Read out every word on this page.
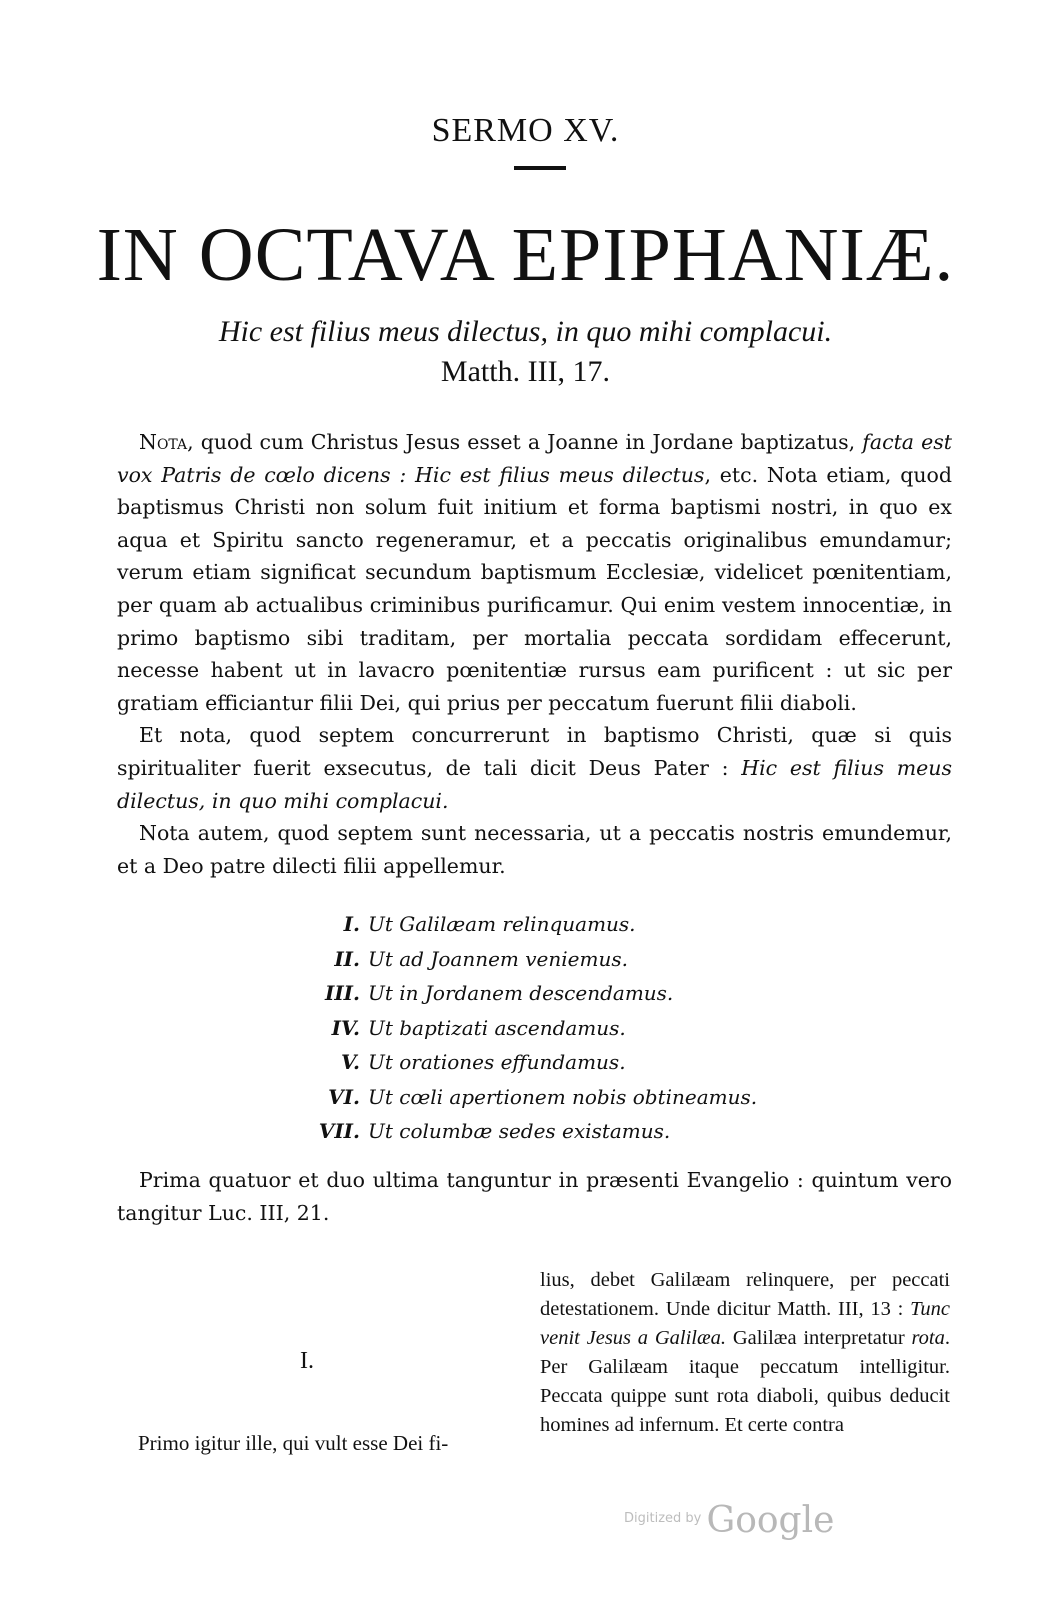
SERMO XV.
IN OCTAVA EPIPHANIÆ.
Hic est filius meus dilectus, in quo mihi complacui.
Matth. III, 17.

Nota, quod cum Christus Jesus esset a Joanne in Jordane baptizatus, facta est vox Patris de cœlo dicens : Hic est filius meus dilectus, etc. Nota etiam, quod baptismus Christi non solum fuit initium et forma baptismi nostri, in quo ex aqua et Spiritu sancto regeneramur, et a peccatis originalibus emundamur; verum etiam significat secundum baptismum Ecclesiæ, videlicet pœnitentiam, per quam ab actualibus criminibus purificamur. Qui enim vestem innocentiæ, in primo baptismo sibi traditam, per mortalia peccata sordidam effecerunt, necesse habent ut in lavacro pœnitentiæ rursus eam purificent : ut sic per gratiam efficiantur filii Dei, qui prius per peccatum fuerunt filii diaboli.

Et nota, quod septem concurrerunt in baptismo Christi, quæ si quis spiritualiter fuerit exsecutus, de tali dicit Deus Pater : Hic est filius meus dilectus, in quo mihi complacui.

Nota autem, quod septem sunt necessaria, ut a peccatis nostris emundemur, et a Deo patre dilecti filii appellemur.

I. Ut Galilæam relinquamus.
II. Ut ad Joannem veniemus.
III. Ut in Jordanem descendamus.
IV. Ut baptizati ascendamus.
V. Ut orationes effundamus.
VI. Ut cœli apertionem nobis obtineamus.
VII. Ut columbæ sedes existamus.
Prima quatuor et duo ultima tanguntur in præsenti Evangelio : quintum vero tangitur Luc. III, 21.
I.
Primo igitur ille, qui vult esse Dei fi-
lius, debet Galilæam relinquere, per peccati detestationem. Unde dicitur Matth. III, 13 : Tunc venit Jesus a Galilæa. Galilæa interpretatur rota. Per Galilæam itaque peccatum intelligitur. Peccata quippe sunt rota diaboli, quibus deducit homines ad infernum. Et certe contra
$^{Digitized by}$ Google
